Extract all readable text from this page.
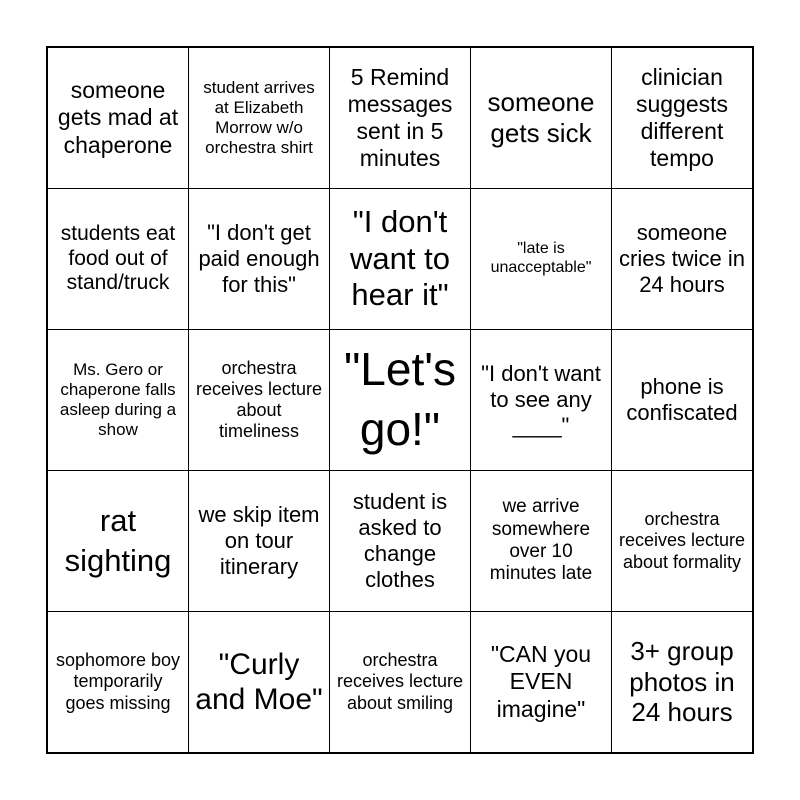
someone gets mad at chaperone
student arrives at Elizabeth Morrow w/o orchestra shirt
5 Remind messages sent in 5 minutes
someone gets sick
clinician suggests different tempo
students eat food out of stand/truck
"I don't get paid enough for this"
"I don't want to hear it"
"late is unacceptable"
someone cries twice in 24 hours
Ms. Gero or chaperone falls asleep during a show
orchestra receives lecture about timeliness
"Let's go!"
"I don't want to see any ____"
phone is confiscated
rat sighting
we skip item on tour itinerary
student is asked to change clothes
we arrive somewhere over 10 minutes late
orchestra receives lecture about formality
sophomore boy temporarily goes missing
"Curly and Moe"
orchestra receives lecture about smiling
"CAN you EVEN imagine"
3+ group photos in 24 hours
